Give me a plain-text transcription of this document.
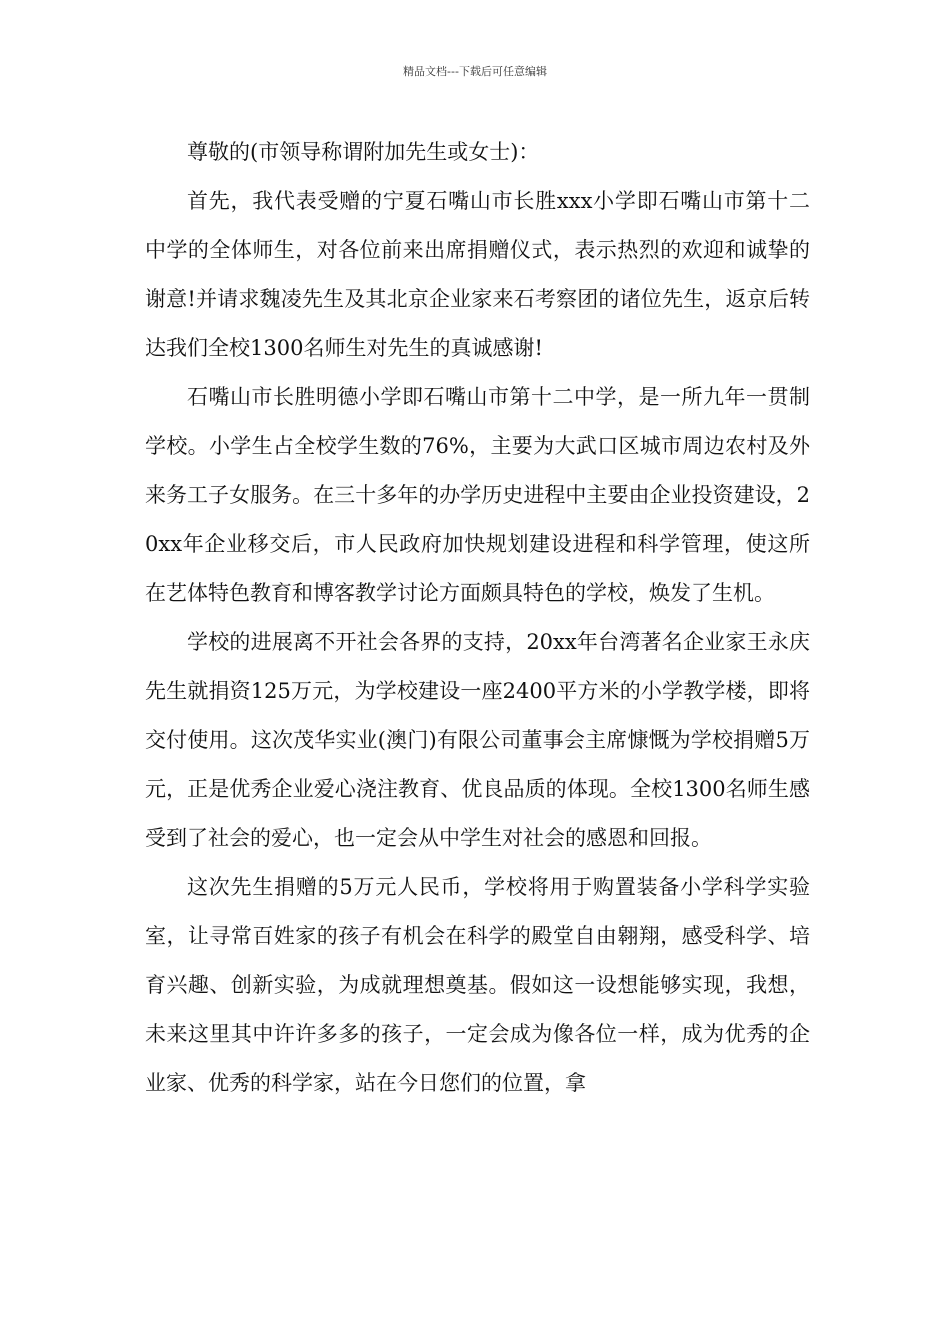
精品文档---下载后可任意编辑

尊敬的(市领导称谓附加先生或女士)：

首先，我代表受赠的宁夏石嘴山市长胜xxx小学即石嘴山市第十二中学的全体师生，对各位前来出席捐赠仪式，表示热烈的欢迎和诚挚的谢意!并请求魏凌先生及其北京企业家来石考察团的诸位先生，返京后转达我们全校1300名师生对先生的真诚感谢!

石嘴山市长胜明德小学即石嘴山市第十二中学，是一所九年一贯制学校。小学生占全校学生数的76%，主要为大武口区城市周边农村及外来务工子女服务。在三十多年的办学历史进程中主要由企业投资建设，20xx年企业移交后，市人民政府加快规划建设进程和科学管理，使这所在艺体特色教育和博客教学讨论方面颇具特色的学校，焕发了生机。

学校的进展离不开社会各界的支持，20xx年台湾著名企业家王永庆先生就捐资125万元，为学校建设一座2400平方米的小学教学楼，即将交付使用。这次茂华实业(澳门)有限公司董事会主席慷慨为学校捐赠5万元，正是优秀企业爱心浇注教育、优良品质的体现。全校1300名师生感受到了社会的爱心，也一定会从中学生对社会的感恩和回报。

这次先生捐赠的5万元人民币，学校将用于购置装备小学科学实验室，让寻常百姓家的孩子有机会在科学的殿堂自由翱翔，感受科学、培育兴趣、创新实验，为成就理想奠基。假如这一设想能够实现，我想，未来这里其中许许多多的孩子，一定会成为像各位一样，成为优秀的企业家、优秀的科学家，站在今日您们的位置，拿
